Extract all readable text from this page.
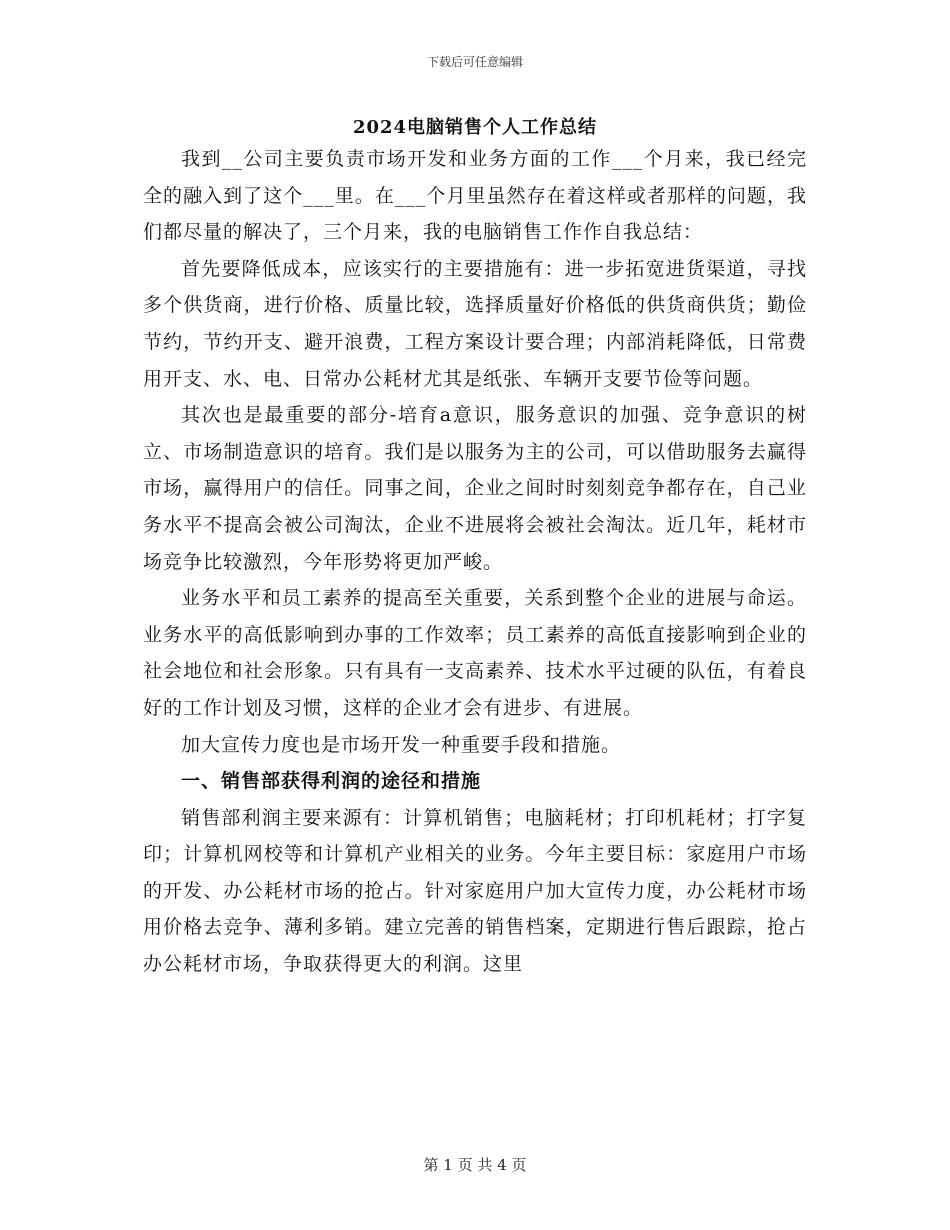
下载后可任意编辑
2024电脑销售个人工作总结

我到__公司主要负责市场开发和业务方面的工作___个月来，我已经完全的融入到了这个___里。在___个月里虽然存在着这样或者那样的问题，我们都尽量的解决了，三个月来，我的电脑销售工作作自我总结：

首先要降低成本，应该实行的主要措施有：进一步拓宽进货渠道，寻找多个供货商，进行价格、质量比较，选择质量好价格低的供货商供货；勤俭节约，节约开支、避开浪费，工程方案设计要合理；内部消耗降低，日常费用开支、水、电、日常办公耗材尤其是纸张、车辆开支要节俭等问题。

其次也是最重要的部分-培育a意识，服务意识的加强、竞争意识的树立、市场制造意识的培育。我们是以服务为主的公司，可以借助服务去赢得市场，赢得用户的信任。同事之间，企业之间时时刻刻竞争都存在，自己业务水平不提高会被公司淘汰，企业不进展将会被社会淘汰。近几年，耗材市场竞争比较激烈，今年形势将更加严峻。

业务水平和员工素养的提高至关重要，关系到整个企业的进展与命运。业务水平的高低影响到办事的工作效率；员工素养的高低直接影响到企业的社会地位和社会形象。只有具有一支高素养、技术水平过硬的队伍，有着良好的工作计划及习惯，这样的企业才会有进步、有进展。

加大宣传力度也是市场开发一种重要手段和措施。

一、销售部获得利润的途径和措施

销售部利润主要来源有：计算机销售；电脑耗材；打印机耗材；打字复印；计算机网校等和计算机产业相关的业务。今年主要目标：家庭用户市场的开发、办公耗材市场的抢占。针对家庭用户加大宣传力度，办公耗材市场用价格去竞争、薄利多销。建立完善的销售档案，定期进行售后跟踪，抢占办公耗材市场，争取获得更大的利润。这里

第 1 页 共 4 页
